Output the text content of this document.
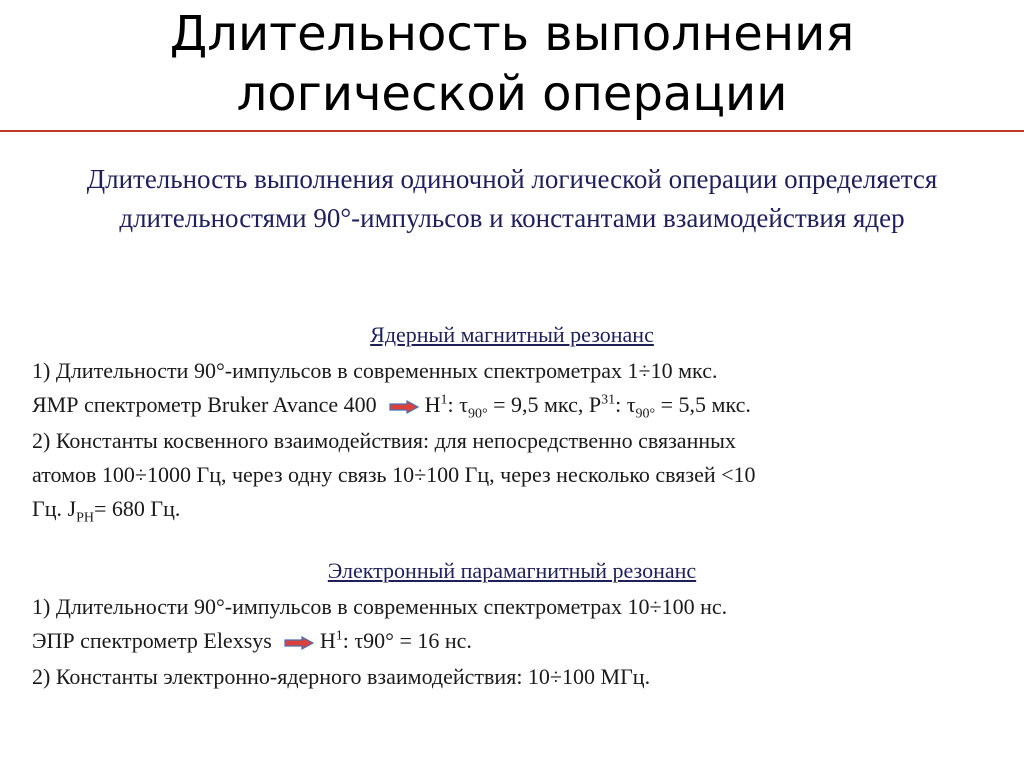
Длительность выполнения
логической операции
Длительность выполнения одиночной логической операции определяется длительностями 90°-импульсов и константами взаимодействия ядер
Ядерный магнитный резонанс
1) Длительности 90°-импульсов в современных спектрометрах 1÷10 мкс.
ЯМР спектрометр Bruker Avance 400 $H^1$: $\tau_{90^\circ} = 9,5$ мкс, $P^{31}$: $\tau_{90^\circ} = 5,5$ мкс.
2) Константы косвенного взаимодействия: для непосредственно связанных
атомов 100÷1000 Гц, через одну связь 10÷100 Гц, через несколько связей <10
Гц. $J_{PH}= 680$ Гц.
Электронный парамагнитный резонанс
1) Длительности 90°-импульсов в современных спектрометрах 10÷100 нс.
ЭПР спектрометр Elexsys $H^1$: τ90° = 16 нс.
2) Константы электронно-ядерного взаимодействия: 10÷100 МГц.
